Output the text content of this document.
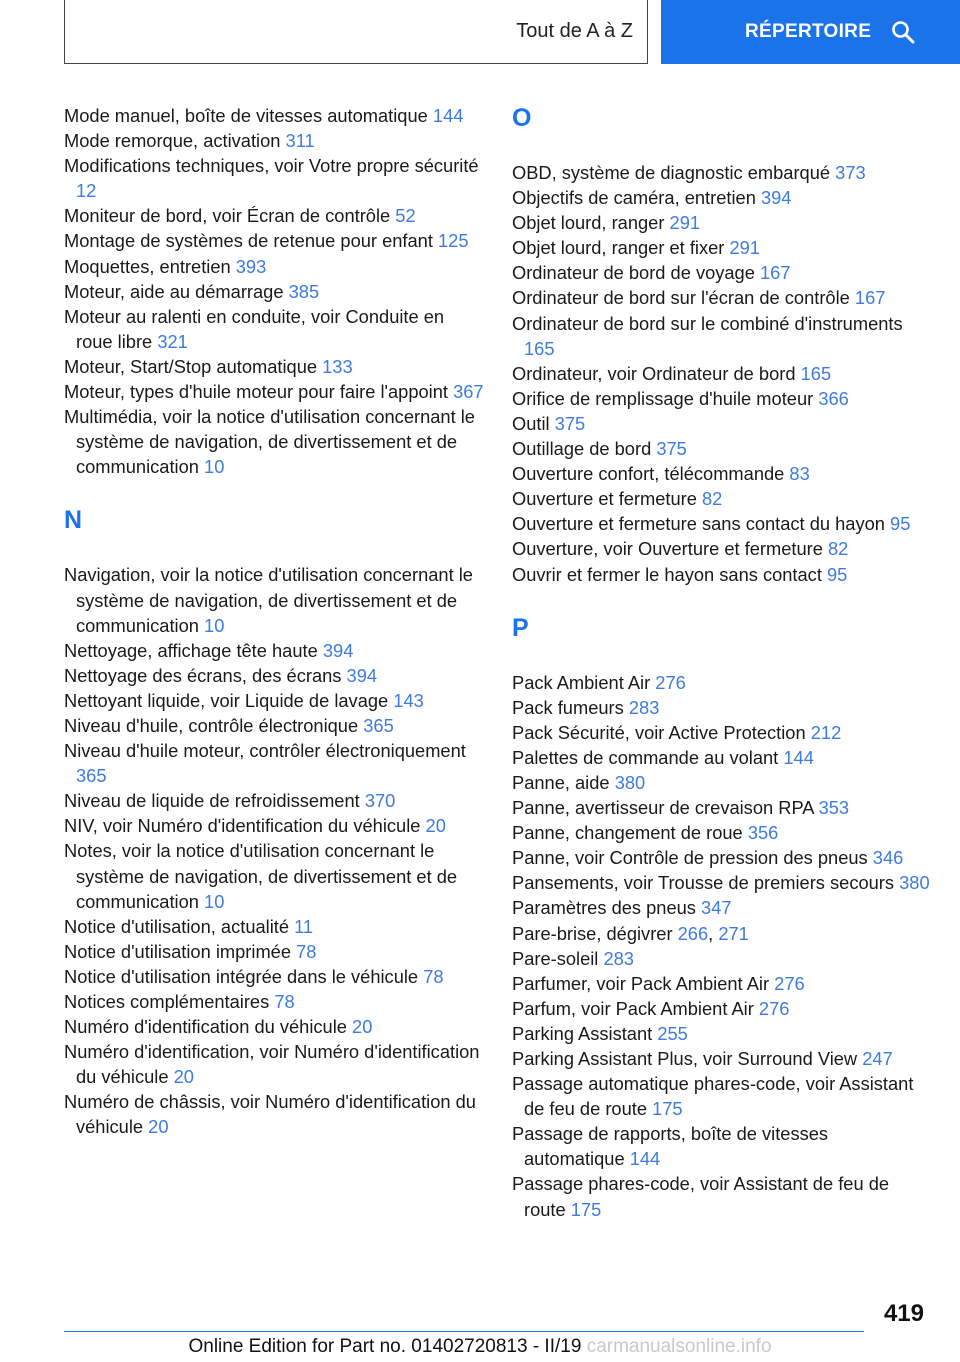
Tout de A à Z	RÉPERTOIRE
Mode manuel, boîte de vitesses automatique 144
Mode remorque, activation 311
Modifications techniques, voir Votre propre sécurité 12
Moniteur de bord, voir Écran de contrôle 52
Montage de systèmes de retenue pour enfant 125
Moquettes, entretien 393
Moteur, aide au démarrage 385
Moteur au ralenti en conduite, voir Conduite en roue libre 321
Moteur, Start/Stop automatique 133
Moteur, types d'huile moteur pour faire l'appoint 367
Multimédia, voir la notice d'utilisation concernant le système de navigation, de divertissement et de communication 10
N
Navigation, voir la notice d'utilisation concernant le système de navigation, de divertissement et de communication 10
Nettoyage, affichage tête haute 394
Nettoyage des écrans, des écrans 394
Nettoyant liquide, voir Liquide de lavage 143
Niveau d'huile, contrôle électronique 365
Niveau d'huile moteur, contrôler électroniquement 365
Niveau de liquide de refroidissement 370
NIV, voir Numéro d'identification du véhicule 20
Notes, voir la notice d'utilisation concernant le système de navigation, de divertissement et de communication 10
Notice d'utilisation, actualité 11
Notice d'utilisation imprimée 78
Notice d'utilisation intégrée dans le véhicule 78
Notices complémentaires 78
Numéro d'identification du véhicule 20
Numéro d'identification, voir Numéro d'identification du véhicule 20
Numéro de châssis, voir Numéro d'identification du véhicule 20
O
OBD, système de diagnostic embarqué 373
Objectifs de caméra, entretien 394
Objet lourd, ranger 291
Objet lourd, ranger et fixer 291
Ordinateur de bord de voyage 167
Ordinateur de bord sur l'écran de contrôle 167
Ordinateur de bord sur le combiné d'instruments 165
Ordinateur, voir Ordinateur de bord 165
Orifice de remplissage d'huile moteur 366
Outil 375
Outillage de bord 375
Ouverture confort, télécommande 83
Ouverture et fermeture 82
Ouverture et fermeture sans contact du hayon 95
Ouverture, voir Ouverture et fermeture 82
Ouvrir et fermer le hayon sans contact 95
P
Pack Ambient Air 276
Pack fumeurs 283
Pack Sécurité, voir Active Protection 212
Palettes de commande au volant 144
Panne, aide 380
Panne, avertisseur de crevaison RPA 353
Panne, changement de roue 356
Panne, voir Contrôle de pression des pneus 346
Pansements, voir Trousse de premiers secours 380
Paramètres des pneus 347
Pare-brise, dégivrer 266, 271
Pare-soleil 283
Parfumer, voir Pack Ambient Air 276
Parfum, voir Pack Ambient Air 276
Parking Assistant 255
Parking Assistant Plus, voir Surround View 247
Passage automatique phares-code, voir Assistant de feu de route 175
Passage de rapports, boîte de vitesses automatique 144
Passage phares-code, voir Assistant de feu de route 175
419
Online Edition for Part no. 01402720813 - II/19 carmanualsonline.info
